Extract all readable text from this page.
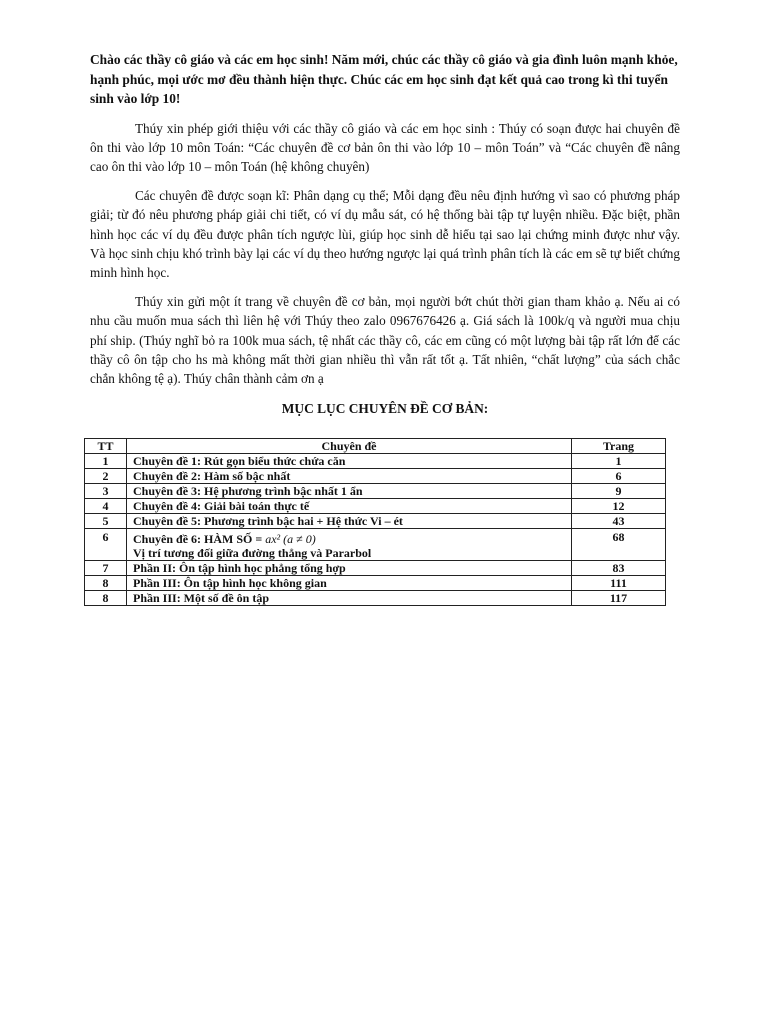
Chào các thầy cô giáo và các em học sinh! Năm mới, chúc các thầy cô giáo và gia đình luôn mạnh khỏe, hạnh phúc, mọi ước mơ đều thành hiện thực. Chúc các em học sinh đạt kết quả cao trong kì thi tuyển sinh vào lớp 10!

Thúy xin phép giới thiệu với các thầy cô giáo và các em học sinh : Thúy có soạn được hai chuyên đề ôn thi vào lớp 10 môn Toán: “Các chuyên đề cơ bản ôn thi vào lớp 10 – môn Toán” và “Các chuyên đề nâng cao ôn thi vào lớp 10 – môn Toán (hệ không chuyên)

Các chuyên đề được soạn kĩ: Phân dạng cụ thể; Mỗi dạng đều nêu định hướng vì sao có phương pháp giải; từ đó nêu phương pháp giải chi tiết, có ví dụ mẫu sát, có hệ thống bài tập tự luyện nhiều. Đặc biệt, phần hình học các ví dụ đều được phân tích ngược lùi, giúp học sinh dễ hiểu tại sao lại chứng minh được như vậy. Và học sinh chịu khó trình bày lại các ví dụ theo hướng ngược lại quá trình phân tích là các em sẽ tự biết chứng minh hình học.

Thúy xin gửi một ít trang về chuyên đề cơ bản, mọi người bớt chút thời gian tham khảo ạ. Nếu ai có nhu cầu muốn mua sách thì liên hệ với Thúy theo zalo 0967676426 ạ. Giá sách là 100k/q và người mua chịu phí ship. (Thúy nghĩ bỏ ra 100k mua sách, tệ nhất các thầy cô, các em cũng có một lượng bài tập rất lớn để các thầy cô ôn tập cho hs mà không mất thời gian nhiều thì vẫn rất tốt ạ. Tất nhiên, “chất lượng” của sách chắc chắn không tệ ạ). Thúy chân thành cảm ơn ạ

MỤC LỤC CHUYÊN ĐỀ CƠ BẢN:
TT	Chuyên đề	Trang
1	Chuyên đề 1: Rút gọn biểu thức chứa căn	1
2	Chuyên đề 2: Hàm số bậc nhất	6
3	Chuyên đề 3: Hệ phương trình bậc nhất 1 ẩn	9
4	Chuyên đề 4: Giải bài toán thực tế	12
5	Chuyên đề 5: Phương trình bậc hai + Hệ thức Vi – ét	43
6	Chuyên đề 6: HÀM SỐ = ax² (a ≠ 0)
Vị trí tương đối giữa đường thẳng và Pararbol	68
7	Phần II: Ôn tập hình học phẳng tổng hợp	83
8	Phần III: Ôn tập hình học không gian	111
8	Phần III: Một số đề ôn tập	117
